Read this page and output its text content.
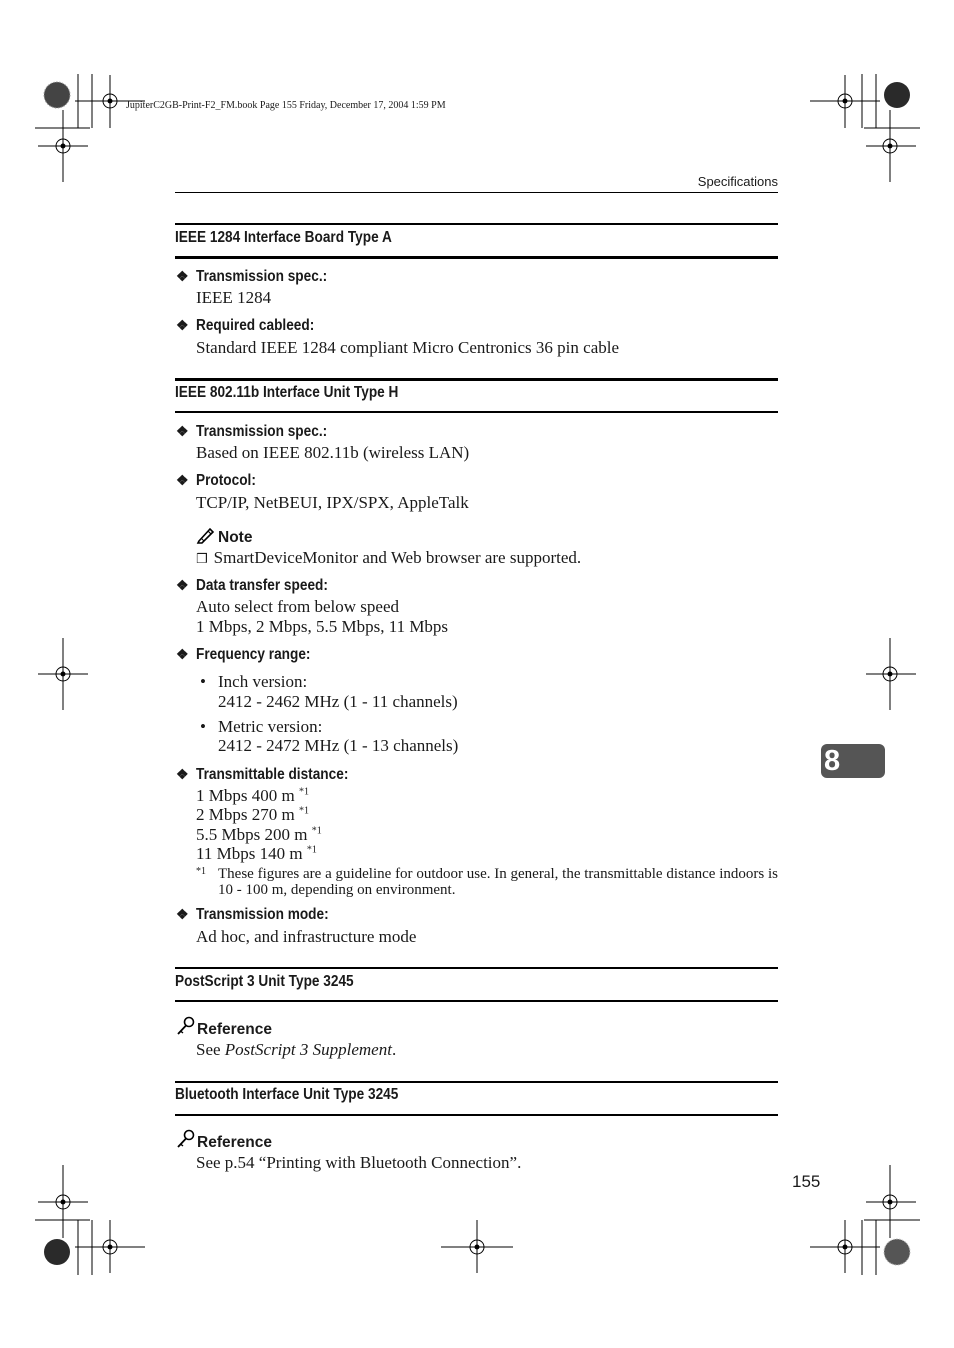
JupiterC2GB-Print-F2_FM.book Page 155 Friday, December 17, 2004 1:59 PM
Specifications
IEEE 1284 Interface Board Type A
❖ Transmission spec.:
IEEE 1284
❖ Required cableed:
Standard IEEE 1284 compliant Micro Centronics 36 pin cable
IEEE 802.11b Interface Unit Type H
❖ Transmission spec.:
Based on IEEE 802.11b (wireless LAN)
❖ Protocol:
TCP/IP, NetBEUI, IPX/SPX, AppleTalk
Note
❒ SmartDeviceMonitor and Web browser are supported.
❖ Data transfer speed:
Auto select from below speed
1 Mbps, 2 Mbps, 5.5 Mbps, 11 Mbps
❖ Frequency range:
• Inch version:
2412 - 2462 MHz (1 - 11 channels)
• Metric version:
2412 - 2472 MHz (1 - 13 channels)
❖ Transmittable distance:
1 Mbps 400 m $^{*1}$
2 Mbps 270 m $^{*1}$
5.5 Mbps 200 m $^{*1}$
11 Mbps 140 m $^{*1}$
*1 These figures are a guideline for outdoor use. In general, the transmittable distance indoors is 10 - 100 m, depending on environment.
❖ Transmission mode:
Ad hoc, and infrastructure mode
PostScript 3 Unit Type 3245
Reference
See PostScript 3 Supplement.
Bluetooth Interface Unit Type 3245
Reference
See p.54 “Printing with Bluetooth Connection”.
8
155
